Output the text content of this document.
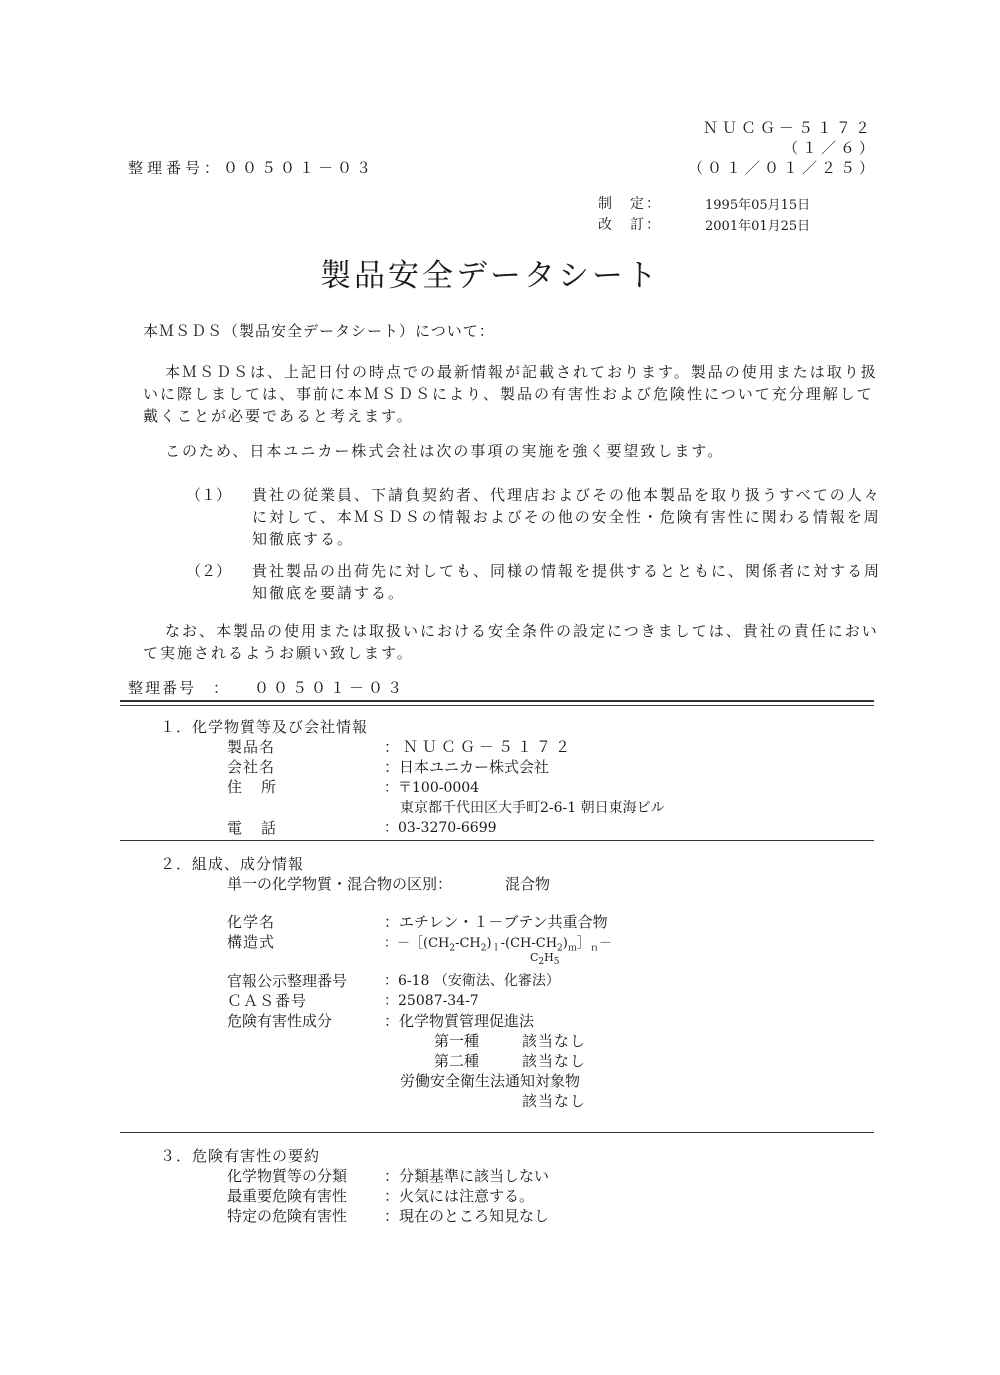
ＮＵＣＧ－５１７２
（１／６）
（０１／０１／２５）
整理番号：００５０１－０３
制　定：	1995年05月15日
改　訂：	2001年01月25日
製品安全データシート
本ＭＳＤＳ（製品安全データシート）について：
本ＭＳＤＳは、上記日付の時点での最新情報が記載されております。製品の使用または取り扱いに際しましては、事前に本ＭＳＤＳにより、製品の有害性および危険性について充分理解して戴くことが必要であると考えます。
このため、日本ユニカー株式会社は次の事項の実施を強く要望致します。
（１） 貴社の従業員、下請負契約者、代理店およびその他本製品を取り扱うすべての人々に対して、本ＭＳＤＳの情報およびその他の安全性・危険有害性に関わる情報を周知徹底する。
（２） 貴社製品の出荷先に対しても、同様の情報を提供するとともに、関係者に対する周知徹底を要請する。
なお、本製品の使用または取扱いにおける安全条件の設定につきましては、貴社の責任において実施されるようお願い致します。
整理番号　： ００５０１－０３
１．化学物質等及び会社情報
製品名	：ＮＵＣＧ－５１７２
会社名	：日本ユニカー株式会社
住　所	：〒100-0004
東京都千代田区大手町2-6-1 朝日東海ビル
電　話	：03-3270-6699
２．組成、成分情報
単一の化学物質・混合物の区別：	混合物
化学名	：エチレン・１－ブテン共重合物
構造式	：$-[(CH_2-CH_2)_l-(CH-CH_2)_m]_n-$
$C_2H_5$
官報公示整理番号	：6-18 （安衛法、化審法）
ＣＡＳ番号	：25087-34-7
危険有害性成分	：化学物質管理促進法
第一種	該当なし
第二種	該当なし
労働安全衛生法通知対象物
該当なし
３．危険有害性の要約
化学物質等の分類 ：分類基準に該当しない
最重要危険有害性 ：火気には注意する。
特定の危険有害性 ：現在のところ知見なし
